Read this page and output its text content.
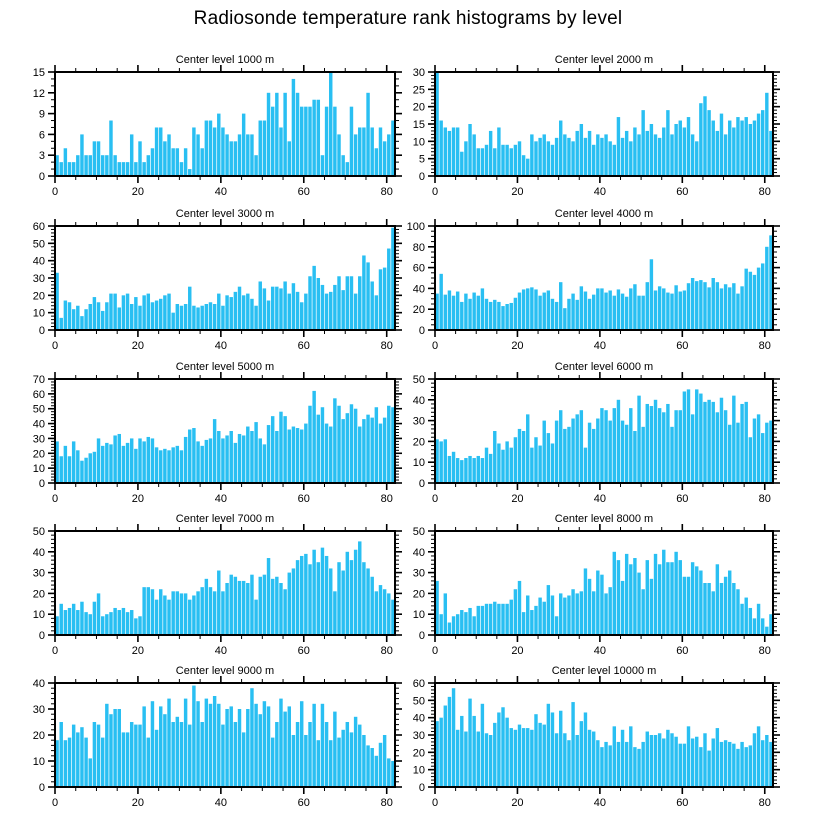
Radiosonde temperature rank histograms by level
Center level 1000 m	Center level 2000 m
Center level 3000 m	Center level 4000 m
Center level 5000 m	Center level 6000 m
Center level 7000 m	Center level 8000 m
Center level 9000 m	Center level 10000 m
0
3
6
9
12
15
0	20	40	60	80
0
5
10
15
20
25
30
0	20	40	60	80
0
10
20
30
40
50
60
0	20	40	60	80
0
20
40
60
80
100
0	20	40	60	80
0
10
20
30
40
50
60
70
0	20	40	60	80
0
10
20
30
40
50
0	20	40	60	80
0
10
20
30
40
50
0	20	40	60	80
0
10
20
30
40
50
0	20	40	60	80
0
10
20
30
40
0	20	40	60	80
0
10
20
30
40
50
60
0	20	40	60	80
